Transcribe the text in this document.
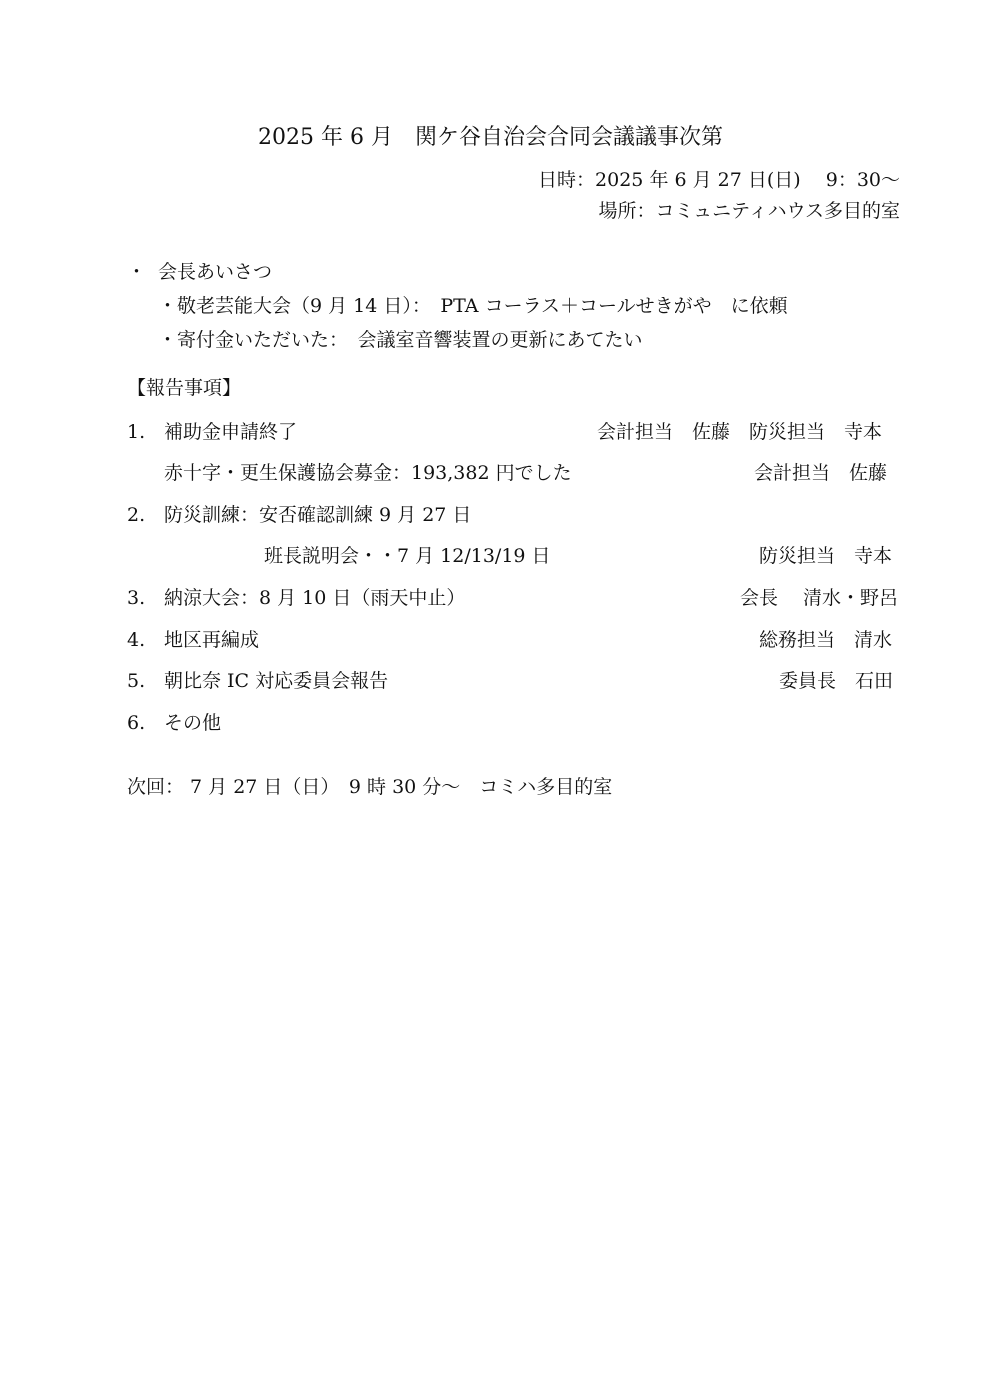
2025 年 6 月　関ケ谷自治会合同会議議事次第
日時：2025 年 6 月 27 日(日)　 9：30～
場所：コミュニティハウス多目的室
・ 会長あいさつ
・敬老芸能大会（9 月 14 日）：　PTA コーラス＋コールせきがや　に依頼
・寄付金いただいた：　会議室音響装置の更新にあてたい
【報告事項】
1. 補助金申請終了	会計担当　佐藤　防災担当　寺本
赤十字・更生保護協会募金：193,382 円でした	会計担当　佐藤
2. 防災訓練：安否確認訓練 9 月 27 日
班長説明会・・7 月 12/13/19 日	防災担当　寺本
3. 納涼大会：8 月 10 日（雨天中止）	会長　 清水・野呂
4. 地区再編成	総務担当　清水
5. 朝比奈 IC 対応委員会報告	委員長　石田
6. その他
次回： 7 月 27 日（日）　9 時 30 分～　コミハ多目的室
